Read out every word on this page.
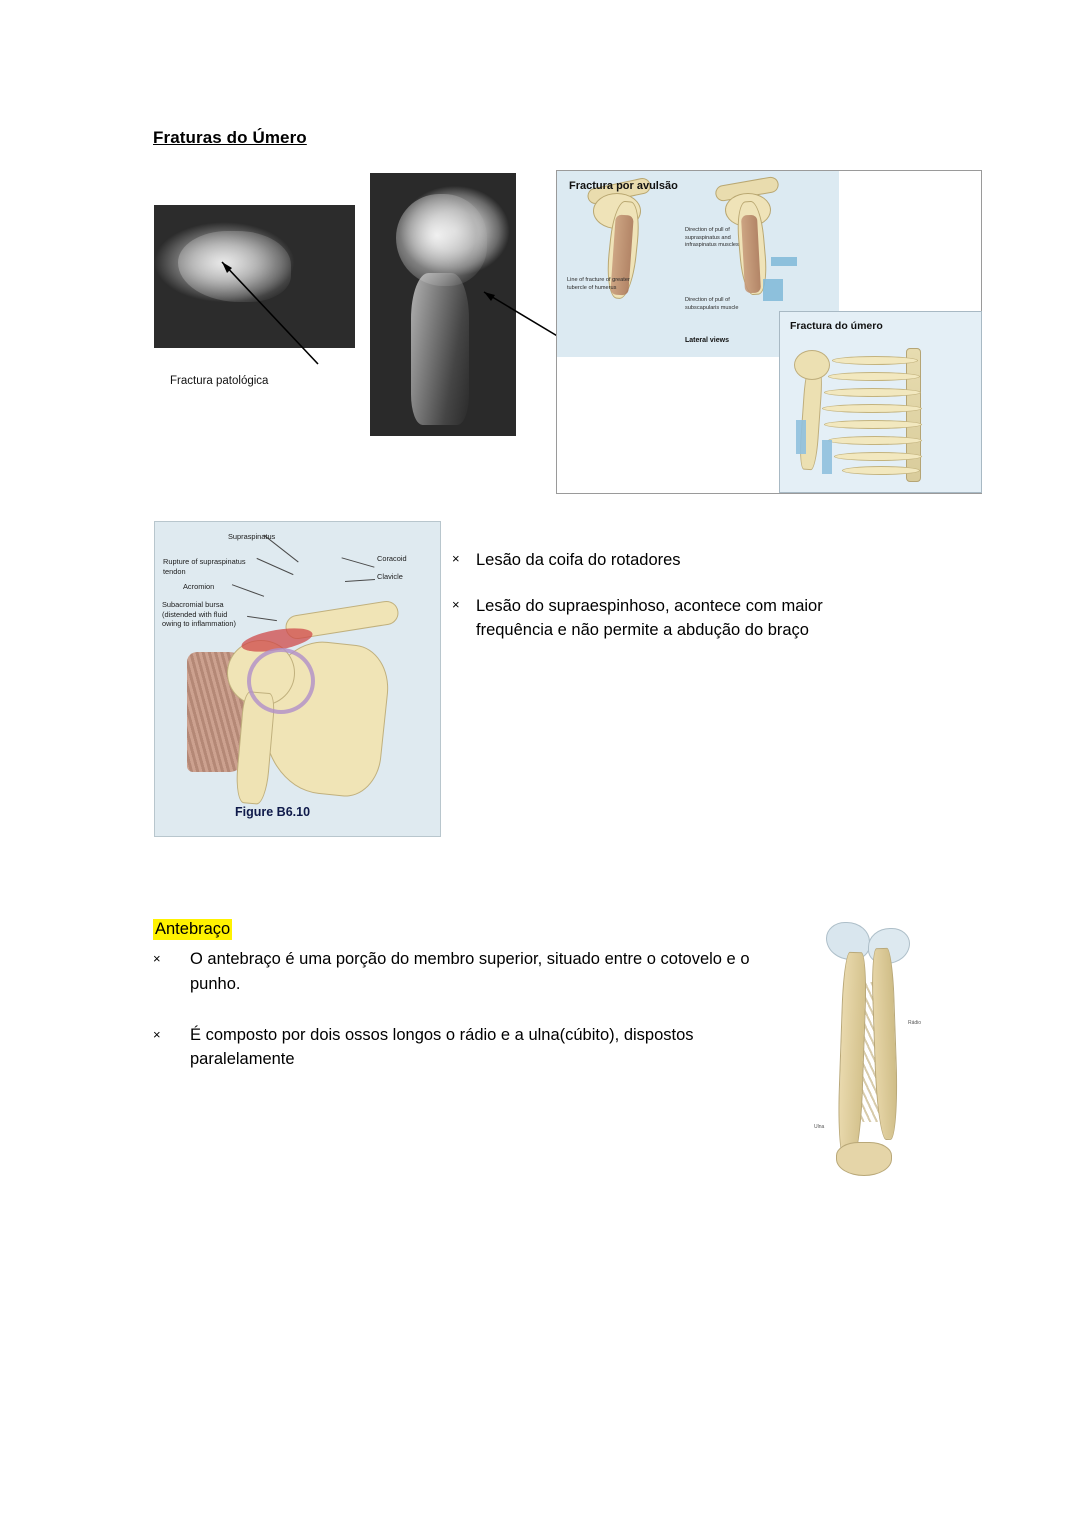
Fraturas do Úmero
Fractura patológica
Fractura por avulsão
Line of fracture of greater tubercle of humerus
Direction of pull of supraspinatus and infraspinatus muscles
Direction of pull of subscapularis muscle
Lateral views
Fractura do úmero
Supraspinatus
Rupture of supraspinatus tendon
Acromion
Subacromial bursa (distended with fluid owing to inflammation)
Coracoid
Clavicle
Figure B6.10
× Lesão da coifa do rotadores
× Lesão do supraespinhoso, acontece com maior frequência e não permite a abdução do braço
Antebraço
× O antebraço é uma porção do membro superior, situado entre o cotovelo e o punho.
× É composto por dois ossos longos o rádio e a ulna(cúbito), dispostos paralelamente
Rádio
Ulna
